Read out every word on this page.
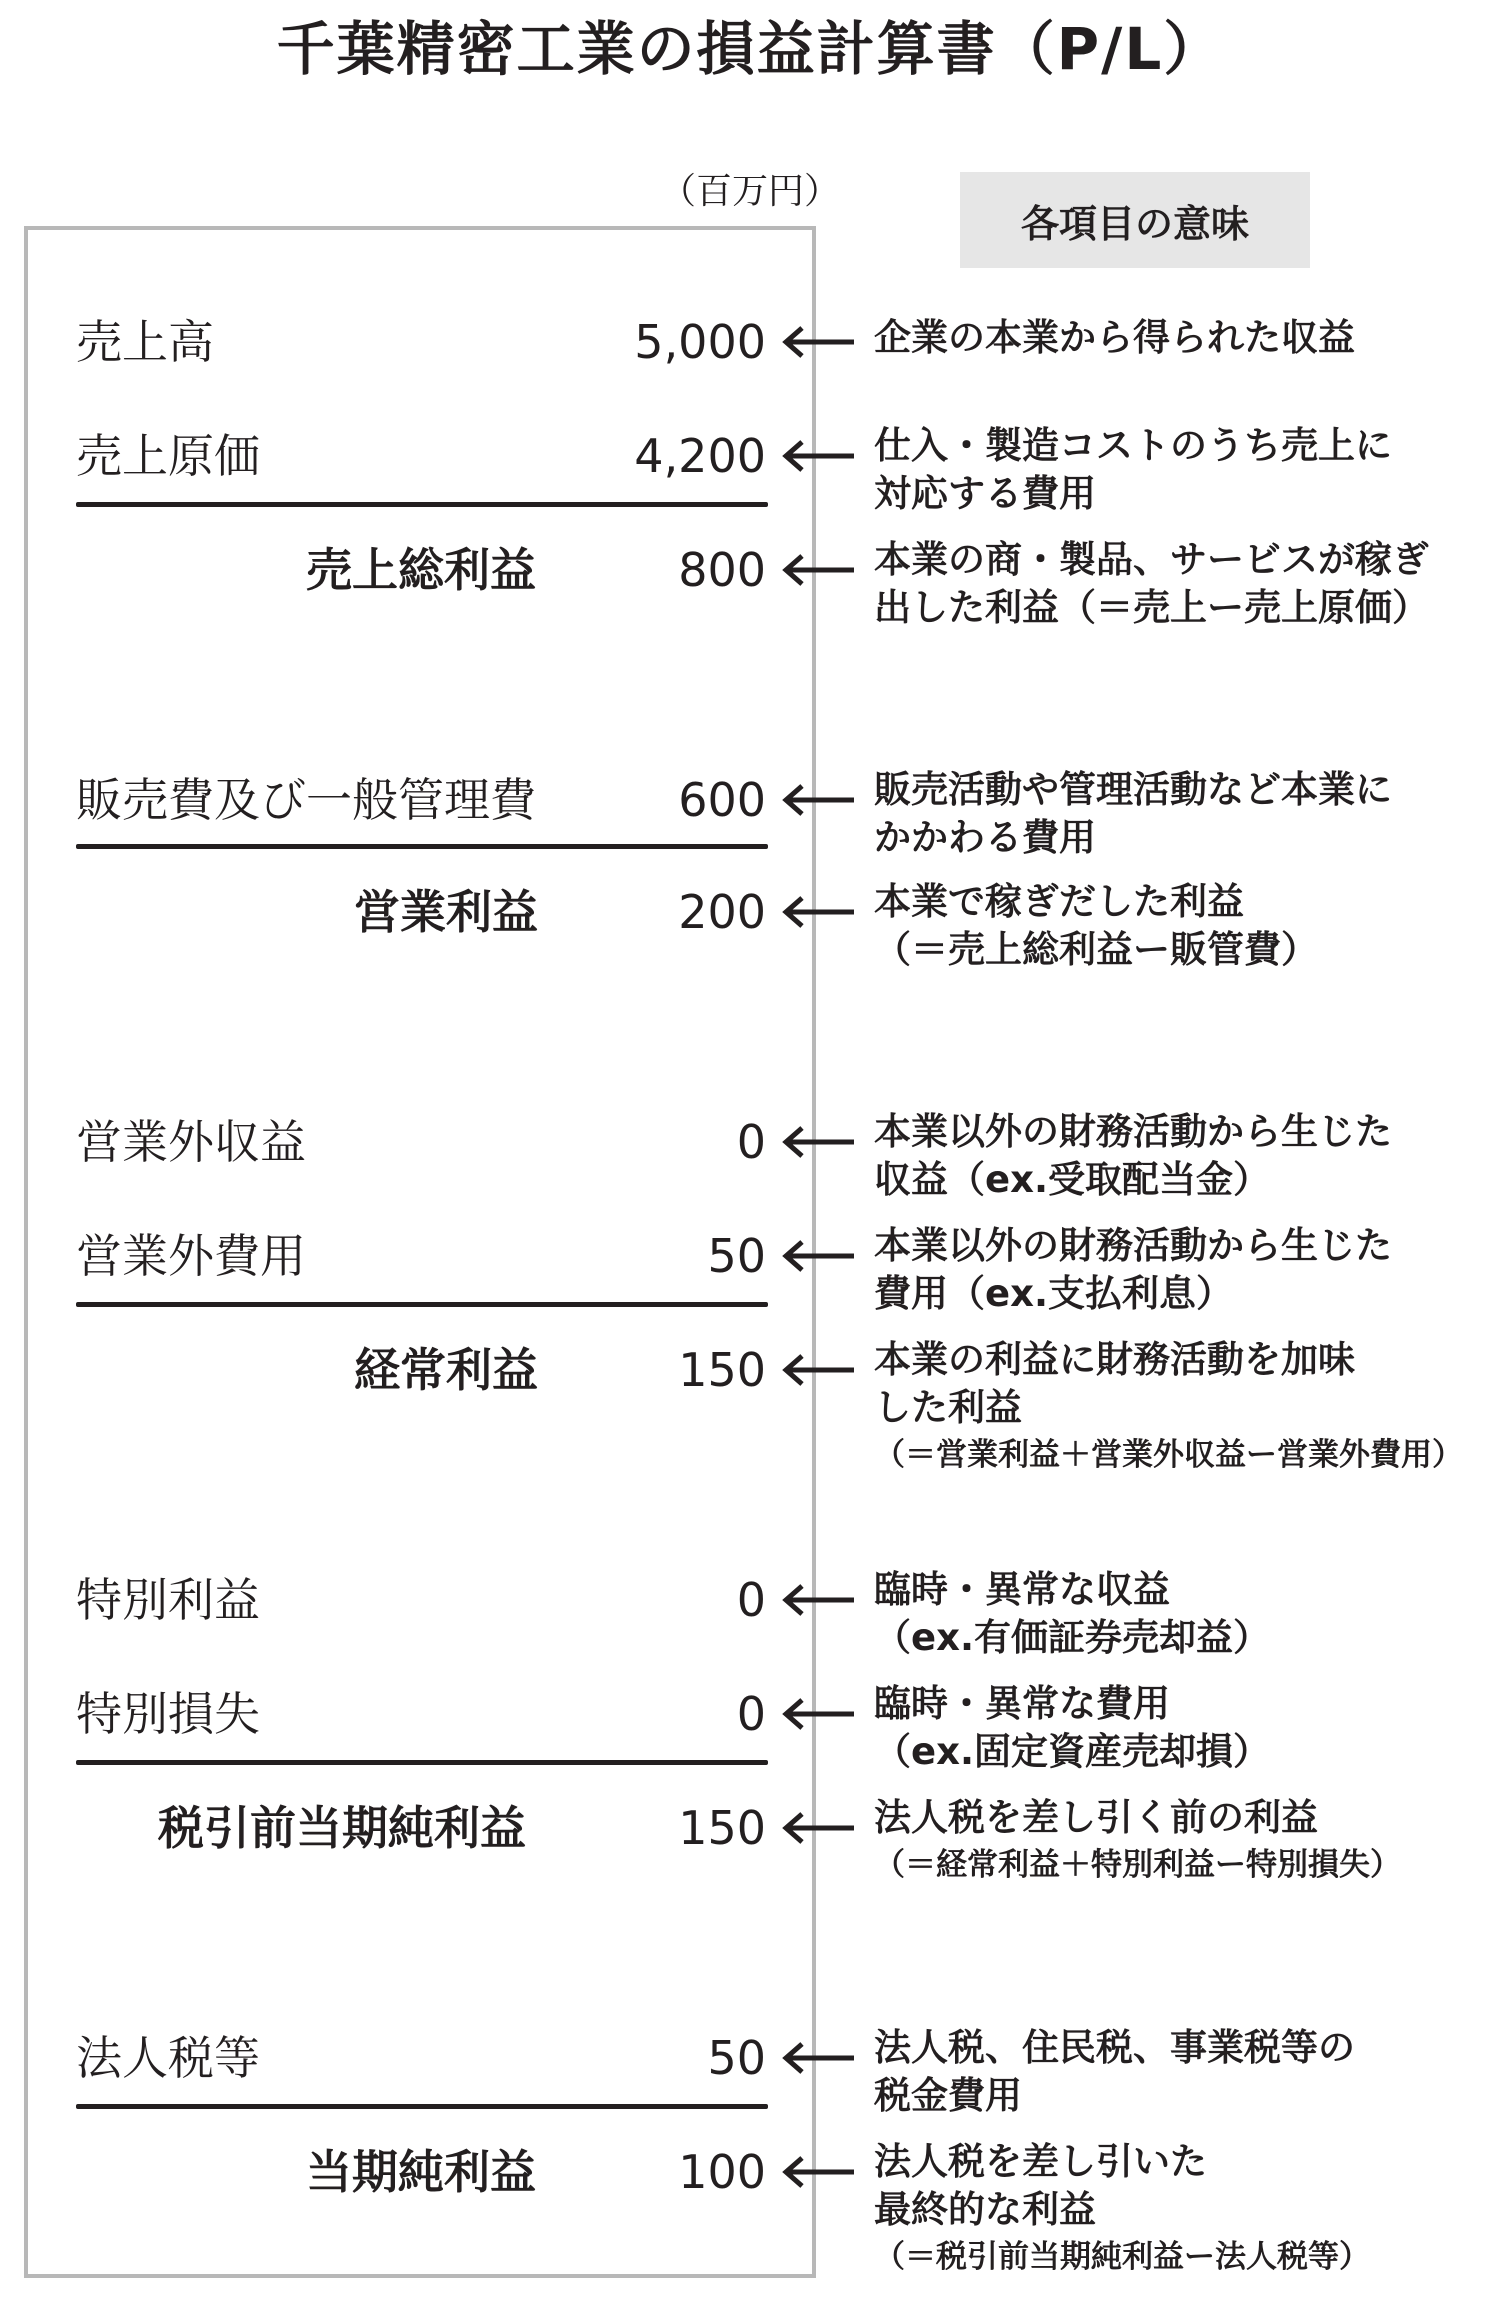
千葉精密工業の損益計算書（P/L）
（百万円）
各項目の意味
売上高	5,000	企業の本業から得られた収益
売上原価	4,200	仕入・製造コストのうち売上に
対応する費用
売上総利益	800	本業の商・製品、サービスが稼ぎ
出した利益（＝売上ー売上原価）
販売費及び一般管理費	600	販売活動や管理活動など本業に
かかわる費用
営業利益	200	本業で稼ぎだした利益
（＝売上総利益ー販管費）
営業外収益	0	本業以外の財務活動から生じた
収益（ex.受取配当金）
営業外費用	50	本業以外の財務活動から生じた
費用（ex.支払利息）
経常利益	150	本業の利益に財務活動を加味
した利益
（＝営業利益＋営業外収益ー営業外費用）
特別利益	0	臨時・異常な収益
（ex.有価証券売却益）
特別損失	0	臨時・異常な費用
（ex.固定資産売却損）
税引前当期純利益	150	法人税を差し引く前の利益
（＝経常利益＋特別利益ー特別損失）
法人税等	50	法人税、住民税、事業税等の
税金費用
当期純利益	100	法人税を差し引いた
最終的な利益
（＝税引前当期純利益ー法人税等）
